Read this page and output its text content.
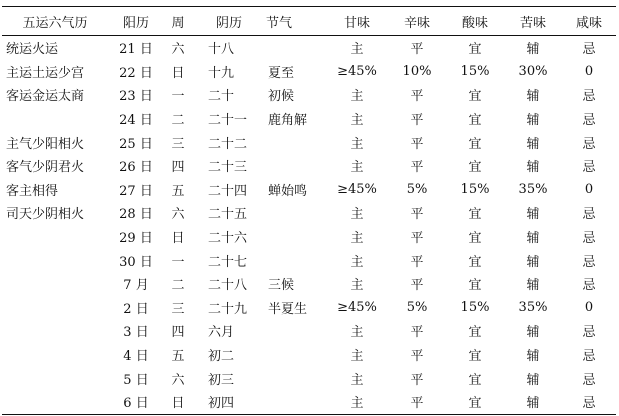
五运六气历	阳历	周	阴历	节气	甘味	辛味	酸味	苦味	咸味
统运火运	21 日	六	十八		主	平	宜	辅	忌
主运土运少宫	22 日	日	十九	夏至	≥45%	10%	15%	30%	0
客运金运太商	23 日	一	二十	初候	主	平	宜	辅	忌
	24 日	二	二十一	鹿角解	主	平	宜	辅	忌
主气少阳相火	25 日	三	二十二		主	平	宜	辅	忌
客气少阴君火	26 日	四	二十三		主	平	宜	辅	忌
客主相得	27 日	五	二十四	蝉始鸣	≥45%	5%	15%	35%	0
司天少阴相火	28 日	六	二十五		主	平	宜	辅	忌
	29 日	日	二十六		主	平	宜	辅	忌
	30 日	一	二十七		主	平	宜	辅	忌
	7 月	二	二十八	三候	主	平	宜	辅	忌
	2 日	三	二十九	半夏生	≥45%	5%	15%	35%	0
	3 日	四	六月		主	平	宜	辅	忌
	4 日	五	初二		主	平	宜	辅	忌
	5 日	六	初三		主	平	宜	辅	忌
	6 日	日	初四		主	平	宜	辅	忌
